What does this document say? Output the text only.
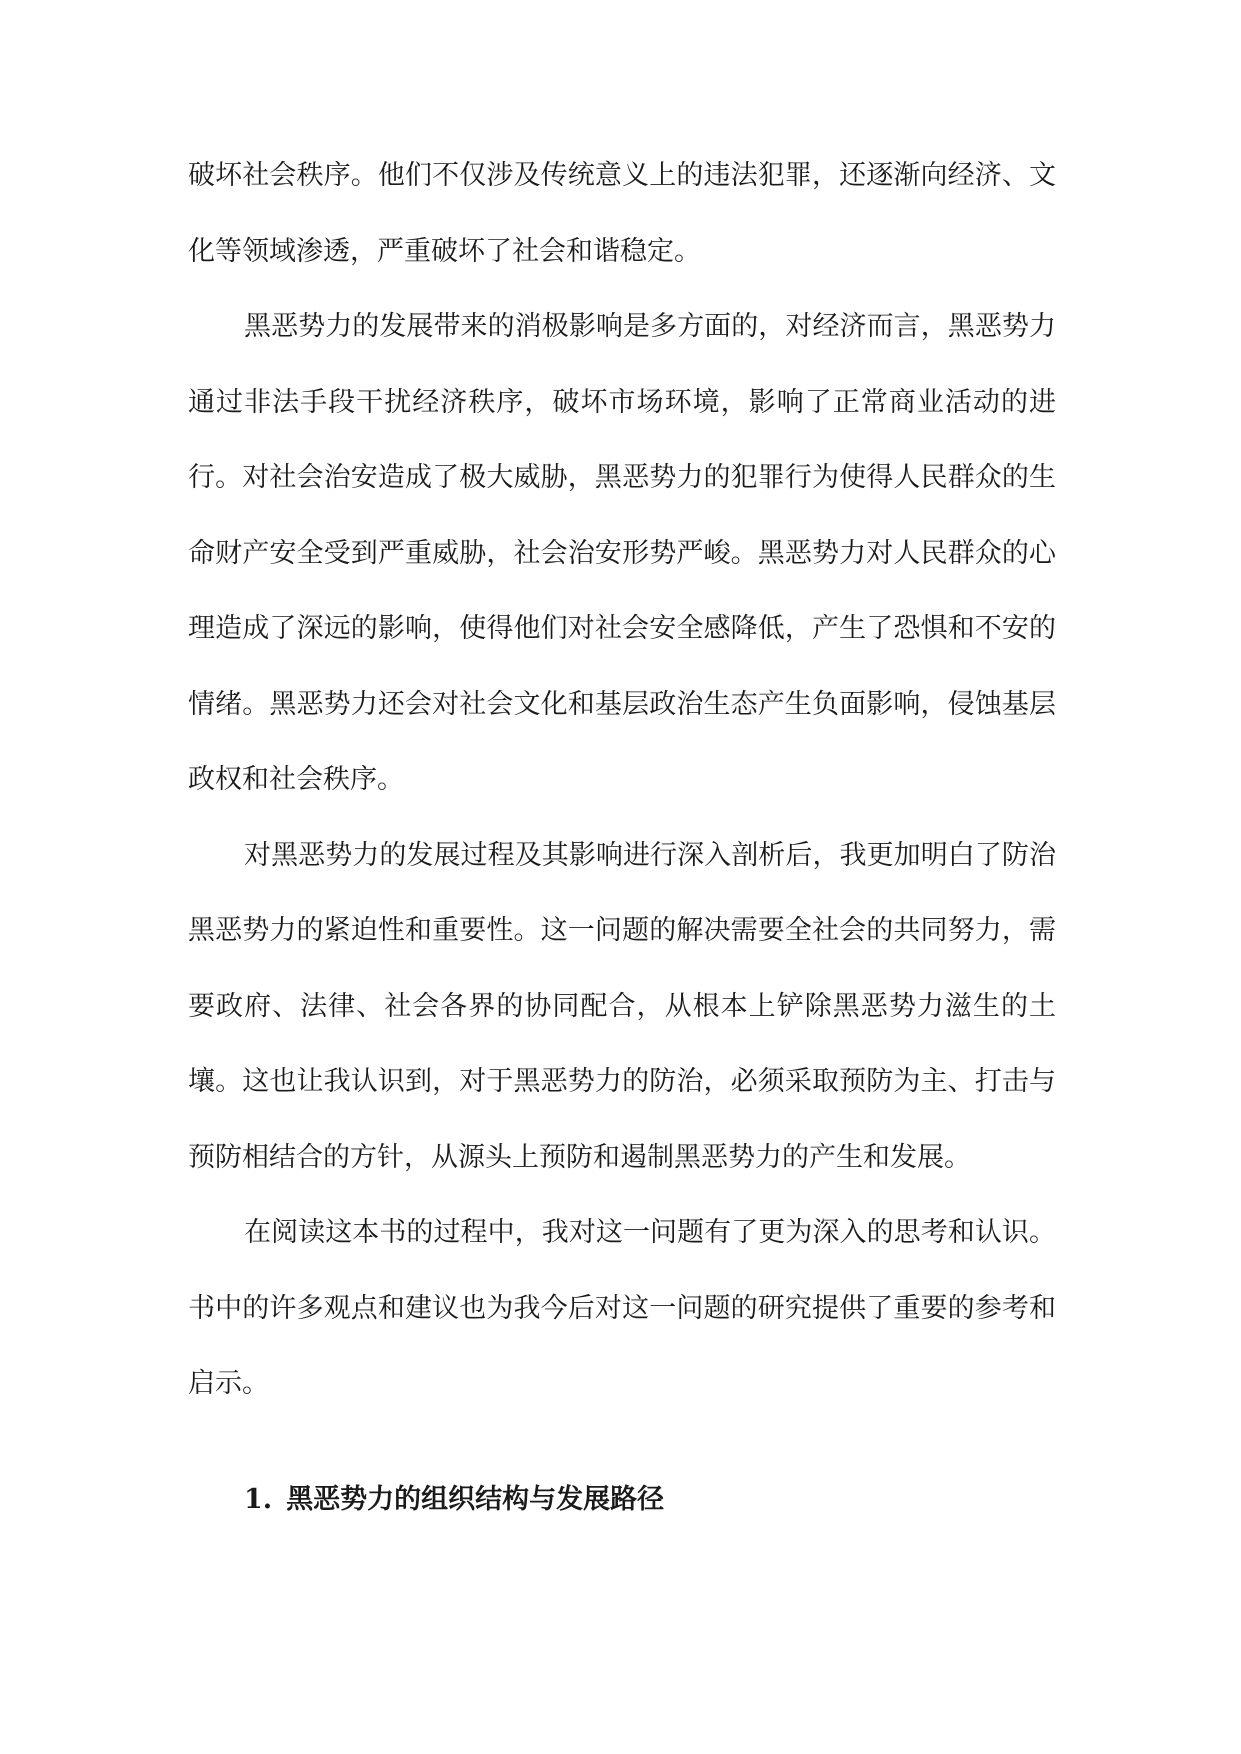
破坏社会秩序。他们不仅涉及传统意义上的违法犯罪，还逐渐向经济、文化等领域渗透，严重破坏了社会和谐稳定。

黑恶势力的发展带来的消极影响是多方面的，对经济而言，黑恶势力通过非法手段干扰经济秩序，破坏市场环境，影响了正常商业活动的进行。对社会治安造成了极大威胁，黑恶势力的犯罪行为使得人民群众的生命财产安全受到严重威胁，社会治安形势严峻。黑恶势力对人民群众的心理造成了深远的影响，使得他们对社会安全感降低，产生了恐惧和不安的情绪。黑恶势力还会对社会文化和基层政治生态产生负面影响，侵蚀基层政权和社会秩序。

对黑恶势力的发展过程及其影响进行深入剖析后，我更加明白了防治黑恶势力的紧迫性和重要性。这一问题的解决需要全社会的共同努力，需要政府、法律、社会各界的协同配合，从根本上铲除黑恶势力滋生的土壤。这也让我认识到，对于黑恶势力的防治，必须采取预防为主、打击与预防相结合的方针，从源头上预防和遏制黑恶势力的产生和发展。

在阅读这本书的过程中，我对这一问题有了更为深入的思考和认识。书中的许多观点和建议也为我今后对这一问题的研究提供了重要的参考和启示。

1. 黑恶势力的组织结构与发展路径
